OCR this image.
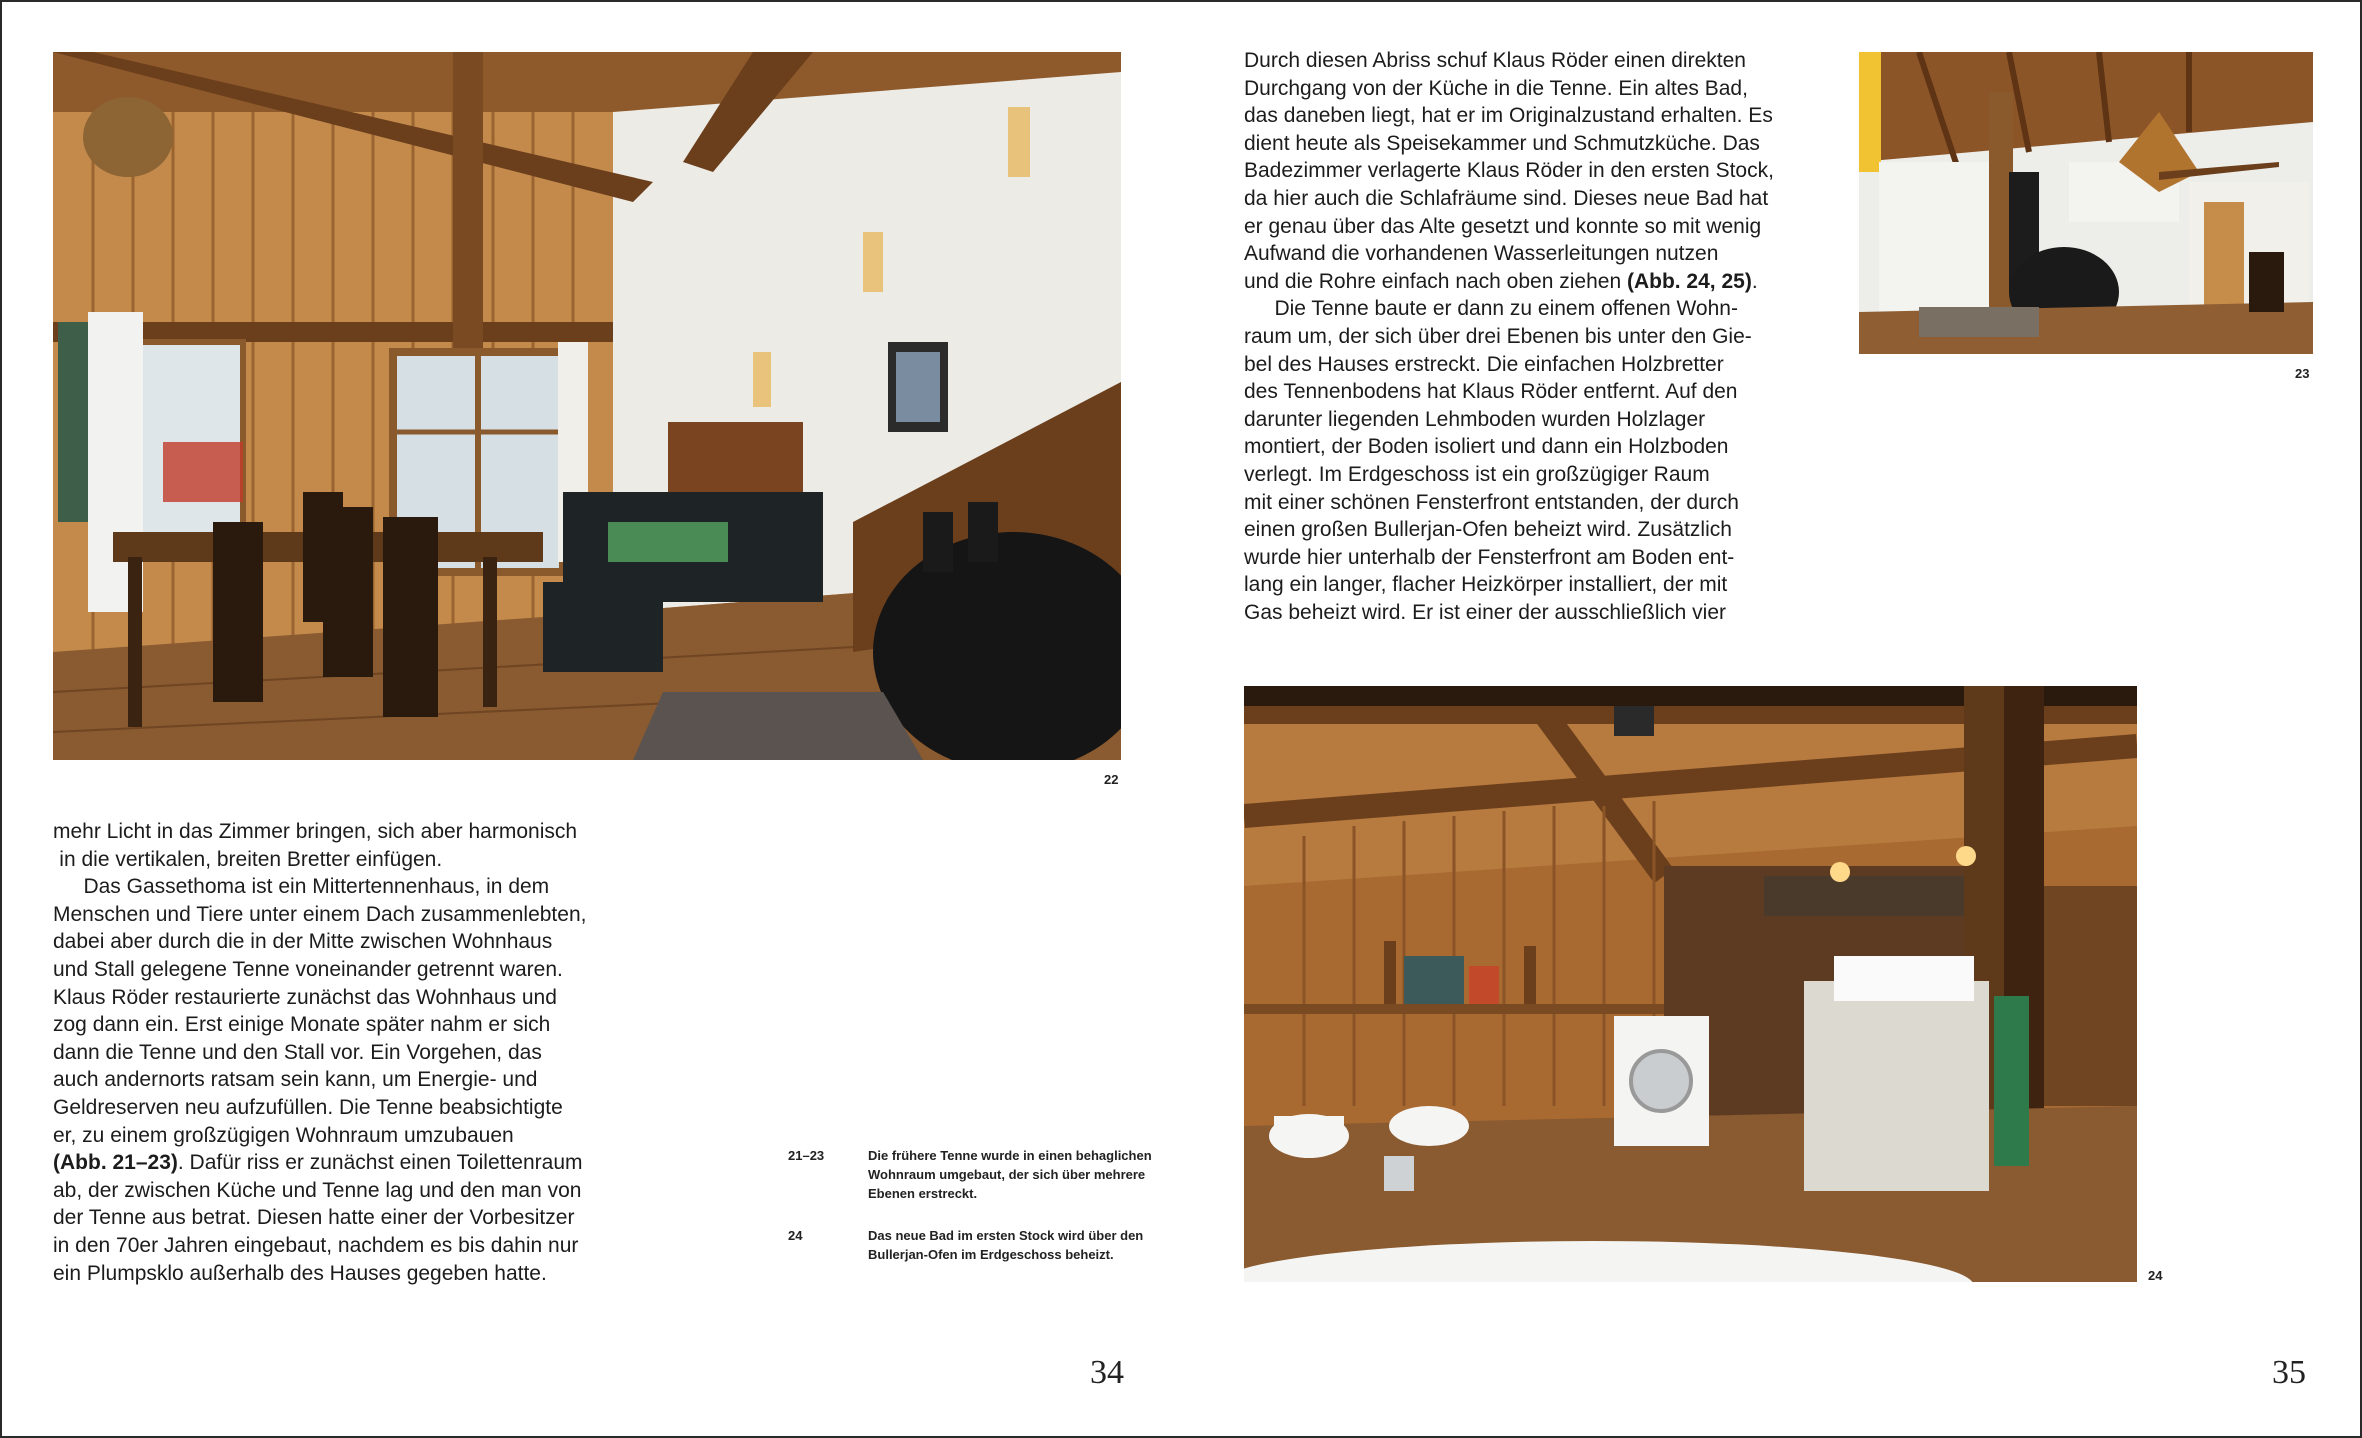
22
23
24

mehr Licht in das Zimmer bringen, sich aber harmonisch

in die vertikalen, breiten Bretter einfügen.

Das Gassethoma ist ein Mittertennenhaus, in dem

Menschen und Tiere unter einem Dach zusammenlebten,

dabei aber durch die in der Mitte zwischen Wohnhaus

und Stall gelegene Tenne voneinander getrennt waren.

Klaus Röder restaurierte zunächst das Wohnhaus und

zog dann ein. Erst einige Monate später nahm er sich

dann die Tenne und den Stall vor. Ein Vorgehen, das

auch andernorts ratsam sein kann, um Energie- und

Geldreserven neu aufzufüllen. Die Tenne beabsichtigte

er, zu einem großzügigen Wohnraum umzubauen

(Abb. 21–23). Dafür riss er zunächst einen Toilettenraum

ab, der zwischen Küche und Tenne lag und den man von

der Tenne aus betrat. Diesen hatte einer der Vorbesitzer

in den 70er Jahren eingebaut, nachdem es bis dahin nur

ein Plumpsklo außerhalb des Hauses gegeben hatte.

21–23	Die frühere Tenne wurde in einen behaglichen Wohnraum umgebaut, der sich über mehrere Ebenen erstreckt.
24	Das neue Bad im ersten Stock wird über den Bullerjan-Ofen im Erdgeschoss beheizt.

Durch diesen Abriss schuf Klaus Röder einen direkten

Durchgang von der Küche in die Tenne. Ein altes Bad,

das daneben liegt, hat er im Originalzustand erhalten. Es

dient heute als Speisekammer und Schmutzküche. Das

Badezimmer verlagerte Klaus Röder in den ersten Stock,

da hier auch die Schlafräume sind. Dieses neue Bad hat

er genau über das Alte gesetzt und konnte so mit wenig

Aufwand die vorhandenen Wasserleitungen nutzen

und die Rohre einfach nach oben ziehen (Abb. 24, 25).

Die Tenne baute er dann zu einem offenen Wohn-

raum um, der sich über drei Ebenen bis unter den Gie-

bel des Hauses erstreckt. Die einfachen Holzbretter

des Tennenbodens hat Klaus Röder entfernt. Auf den

darunter liegenden Lehmboden wurden Holzlager

montiert, der Boden isoliert und dann ein Holzboden

verlegt. Im Erdgeschoss ist ein großzügiger Raum

mit einer schönen Fensterfront entstanden, der durch

einen großen Bullerjan-Ofen beheizt wird. Zusätzlich

wurde hier unterhalb der Fensterfront am Boden ent-

lang ein langer, flacher Heizkörper installiert, der mit

Gas beheizt wird. Er ist einer der ausschließlich vier

34	35
